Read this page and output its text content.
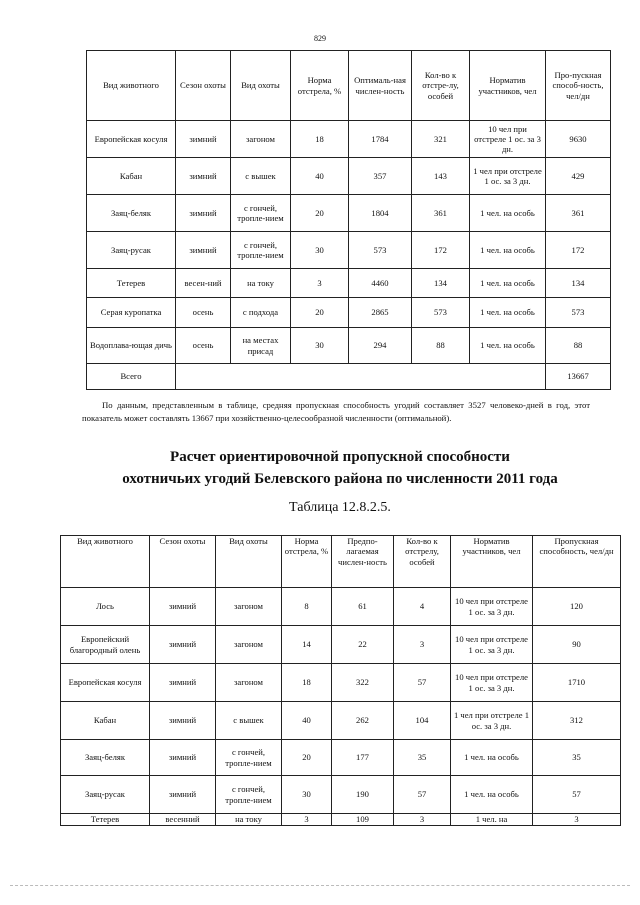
829
Вид животного	Сезон охоты	Вид охоты	Норма отстрела, %	Оптималь-ная числен-ность	Кол-во к отстре-лу, особей	Норматив участников, чел	Про-пускная способ-ность, чел/дн
Европейская косуля	зимний	загоном	18	1784	321	10 чел при отстреле 1 ос. за 3 дн.	9630
Кабан	зимний	с вышек	40	357	143	1 чел при отстреле 1 ос. за 3 дн.	429
Заяц-беляк	зимний	с гончей, тропле-нием	20	1804	361	1 чел. на особь	361
Заяц-русак	зимний	с гончей, тропле-нием	30	573	172	1 чел. на особь	172
Тетерев	весен-ний	на току	3	4460	134	1 чел. на особь	134
Серая куропатка	осень	с подхода	20	2865	573	1 чел. на особь	573
Водоплава-ющая дичь	осень	на местах присад	30	294	88	1 чел. на особь	88
Всего							13667
По данным, представленным в таблице, средняя пропускная способность угодий составляет 3527 человеко-дней в год, этот показатель может составлять 13667 при хозяйственно-целесообразной численности (оптимальной).
Расчет ориентировочной пропускной способности
охотничьих угодий Белевского района по численности 2011 года
Таблица 12.8.2.5.
Вид животного	Сезон охоты	Вид охоты	Норма отстрела, %	Предпо-лагаемая числен-ность	Кол-во к отстрелу, особей	Норматив участников, чел	Пропускная способность, чел/дн
Лось	зимний	загоном	8	61	4	10 чел при отстреле 1 ос. за 3 дн.	120
Европейский благородный олень	зимний	загоном	14	22	3	10 чел при отстреле 1 ос. за 3 дн.	90
Европейская косуля	зимний	загоном	18	322	57	10 чел при отстреле 1 ос. за 3 дн.	1710
Кабан	зимний	с вышек	40	262	104	1 чел при отстреле 1 ос. за 3 дн.	312
Заяц-беляк	зимний	с гончей, тропле-нием	20	177	35	1 чел. на особь	35
Заяц-русак	зимний	с гончей, тропле-нием	30	190	57	1 чел. на особь	57
Тетерев	весенний	на току	3	109	3	1 чел. на	3
